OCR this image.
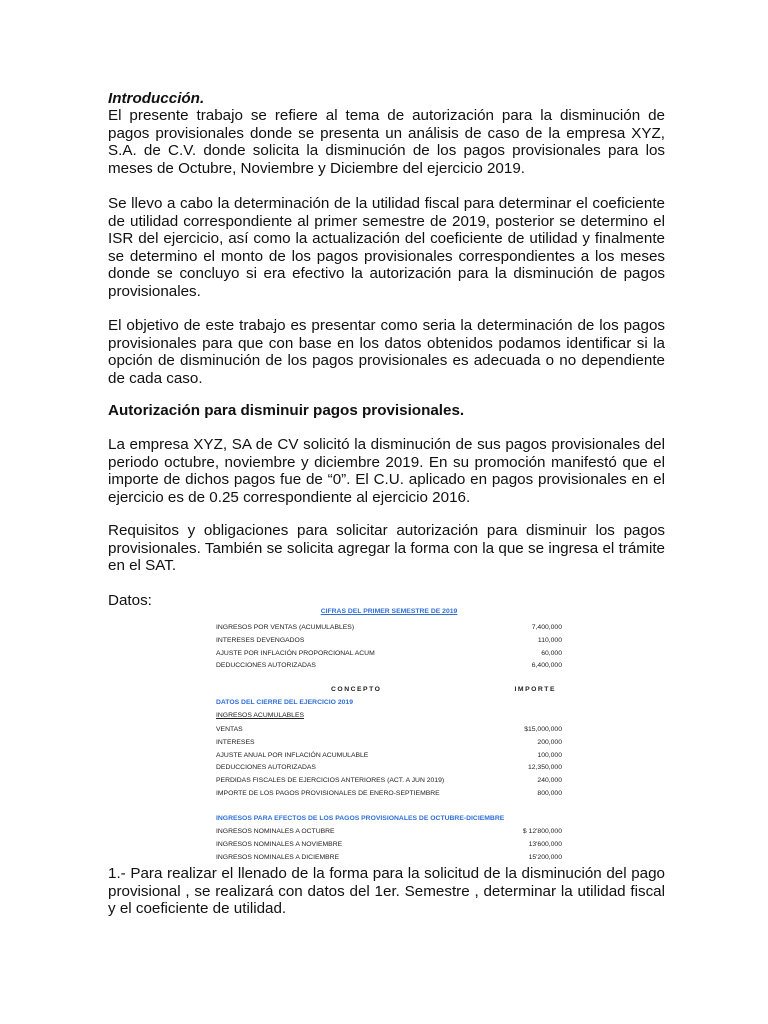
Introducción.

El presente trabajo se refiere al tema de autorización para la disminución de pagos provisionales donde se presenta un análisis de caso de la empresa XYZ, S.A. de C.V. donde solicita la disminución de los pagos provisionales para los meses de Octubre, Noviembre y Diciembre del ejercicio 2019.

Se llevo a cabo la determinación de la utilidad fiscal para determinar el coeficiente de utilidad correspondiente al primer semestre de 2019, posterior se determino el ISR del ejercicio, así como la actualización del coeficiente de utilidad y finalmente se determino el monto de los pagos provisionales correspondientes a los meses donde se concluyo si era efectivo la autorización para la disminución de pagos provisionales.

El objetivo de este trabajo es presentar como seria la determinación de los pagos provisionales para que con base en los datos obtenidos podamos identificar si la opción de disminución de los pagos provisionales es adecuada o no dependiente de cada caso.

Autorización para disminuir pagos provisionales.

La empresa XYZ, SA de CV solicitó la disminución de sus pagos provisionales del periodo octubre, noviembre y diciembre 2019. En su promoción manifestó que el importe de dichos pagos fue de “0”. El C.U. aplicado en pagos provisionales en el ejercicio es de 0.25 correspondiente al ejercicio 2016.

Requisitos y obligaciones para solicitar autorización para disminuir los pagos provisionales. También se solicita agregar la forma con la que se ingresa el trámite en el SAT.

Datos:

CIFRAS DEL PRIMER SEMESTRE DE 2019
INGRESOS POR VENTAS (ACUMULABLES)	7,400,000
INTERESES DEVENGADOS	110,000
AJUSTE POR INFLACIÓN PROPORCIONAL ACUM	60,000
DEDUCCIONES AUTORIZADAS	6,400,000
CONCEPTO	IMPORTE
DATOS DEL CIERRE DEL EJERCICIO 2019
INGRESOS ACUMULABLES
VENTAS	$15,000,000
INTERESES	200,000
AJUSTE ANUAL POR INFLACIÓN ACUMULABLE	100,000
DEDUCCIONES AUTORIZADAS	12,350,000
PERDIDAS FISCALES DE EJERCICIOS ANTERIORES (ACT. A JUN 2019)	240,000
IMPORTE DE LOS PAGOS PROVISIONALES DE ENERO-SEPTIEMBRE	800,000
INGRESOS PARA EFECTOS DE LOS PAGOS PROVISIONALES DE OCTUBRE-DICIEMBRE
INGRESOS NOMINALES A OCTUBRE	$ 12'800,000
INGRESOS NOMINALES A NOVIEMBRE	13'600,000
INGRESOS NOMINALES A DICIEMBRE	15'200,000

1.- Para realizar el llenado de la forma para la solicitud de la disminución del pago provisional , se realizará con datos del 1er. Semestre , determinar la utilidad fiscal y el coeficiente de utilidad.
